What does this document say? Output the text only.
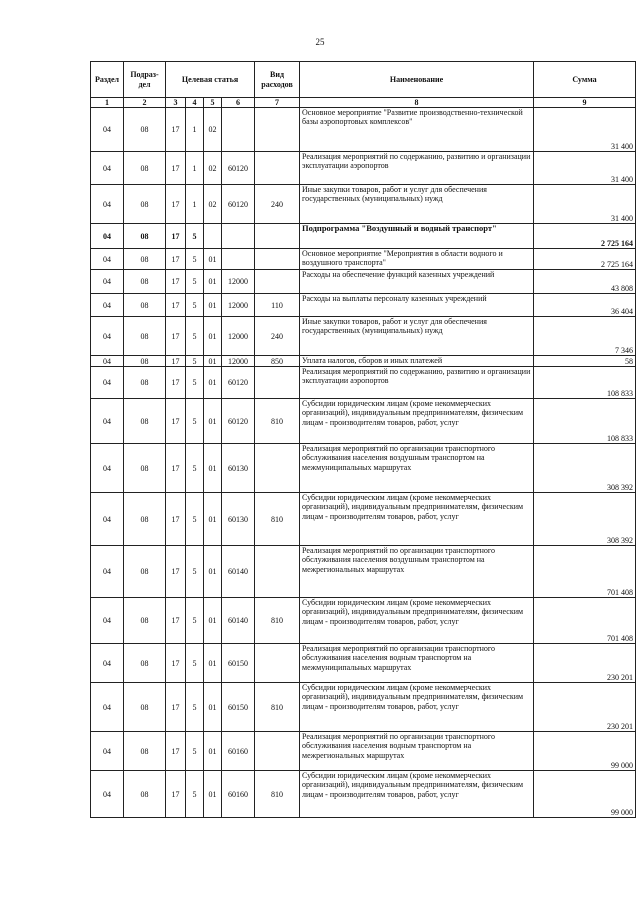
25
Раздел	Подраз-дел	Целевая статья				Вид расходов	Наименование	Сумма
1	2	3	4	5	6	7	8	9
04	08	17	1	02			Основное мероприятие "Развитие производственно-технической базы аэропортовых комплексов"	31 400
04	08	17	1	02	60120		Реализация мероприятий по содержанию, развитию и организации эксплуатации аэропортов	31 400
04	08	17	1	02	60120	240	Иные закупки товаров, работ и услуг для обеспечения государственных (муниципальных) нужд	31 400
04	08	17	5				Подпрограмма "Воздушный и водный транспорт"	2 725 164
04	08	17	5	01			Основное мероприятие "Мероприятия в области водного и воздушного транспорта"	2 725 164
04	08	17	5	01	12000		Расходы на обеспечение функций казенных учреждений	43 808
04	08	17	5	01	12000	110	Расходы на выплаты персоналу казенных учреждений	36 404
04	08	17	5	01	12000	240	Иные закупки товаров, работ и услуг для обеспечения государственных (муниципальных) нужд	7 346
04	08	17	5	01	12000	850	Уплата налогов, сборов и иных платежей	58
04	08	17	5	01	60120		Реализация мероприятий по содержанию, развитию и организации эксплуатации аэропортов	108 833
04	08	17	5	01	60120	810	Субсидии юридическим лицам (кроме некоммерческих организаций), индивидуальным предпринимателям, физическим лицам - производителям товаров, работ, услуг	108 833
04	08	17	5	01	60130		Реализация мероприятий по организации транспортного обслуживания населения воздушным транспортом на межмуниципальных маршрутах	308 392
04	08	17	5	01	60130	810	Субсидии юридическим лицам (кроме некоммерческих организаций), индивидуальным предпринимателям, физическим лицам - производителям товаров, работ, услуг	308 392
04	08	17	5	01	60140		Реализация мероприятий по организации транспортного обслуживания населения воздушным транспортом на межрегиональных маршрутах	701 408
04	08	17	5	01	60140	810	Субсидии юридическим лицам (кроме некоммерческих организаций), индивидуальным предпринимателям, физическим лицам - производителям товаров, работ, услуг	701 408
04	08	17	5	01	60150		Реализация мероприятий по организации транспортного обслуживания населения водным транспортом на межмуниципальных маршрутах	230 201
04	08	17	5	01	60150	810	Субсидии юридическим лицам (кроме некоммерческих организаций), индивидуальным предпринимателям, физическим лицам - производителям товаров, работ, услуг	230 201
04	08	17	5	01	60160		Реализация мероприятий по организации транспортного обслуживания населения водным транспортом на межрегиональных маршрутах	99 000
04	08	17	5	01	60160	810	Субсидии юридическим лицам (кроме некоммерческих организаций), индивидуальным предпринимателям, физическим лицам - производителям товаров, работ, услуг	99 000
